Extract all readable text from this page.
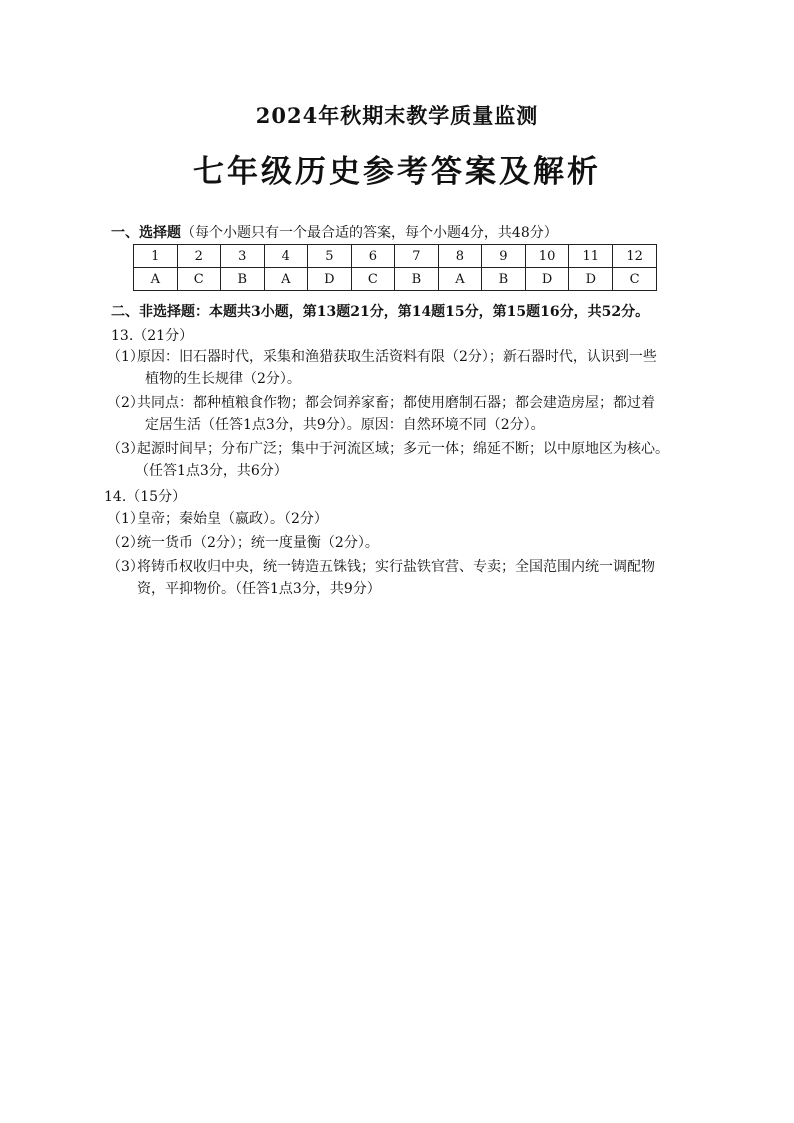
2024年秋期末教学质量监测
七年级历史参考答案及解析
一、选择题（每个小题只有一个最合适的答案，每个小题4分，共48分）
1	2	3	4	5	6	7	8	9	10	11	12
A	C	B	A	D	C	B	A	B	D	D	C
二、非选择题：本题共3小题，第13题21分，第14题15分，第15题16分，共52分。
13.（21分）
（1）原因：旧石器时代，采集和渔猎获取生活资料有限（2分）；新石器时代，认识到一些
植物的生长规律（2分）。
（2）共同点：都种植粮食作物；都会饲养家畜；都使用磨制石器；都会建造房屋；都过着
定居生活（任答1点3分，共9分）。原因：自然环境不同（2分）。
（3）起源时间早；分布广泛；集中于河流区域；多元一体；绵延不断；以中原地区为核心。
（任答1点3分，共6分）
14.（15分）
（1）皇帝；秦始皇（嬴政）。（2分）
（2）统一货币（2分）；统一度量衡（2分）。
（3）将铸币权收归中央，统一铸造五铢钱；实行盐铁官营、专卖；全国范围内统一调配物
资，平抑物价。（任答1点3分，共9分）
